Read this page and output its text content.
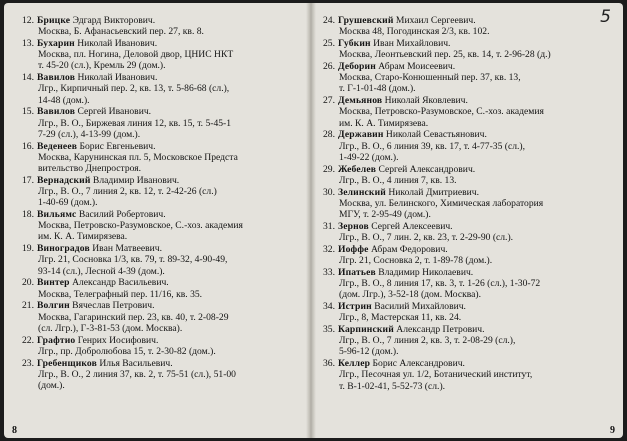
12. Брицке Эдгард Викторович.
Москва, Б. Афанасьевский пер. 27, кв. 8.
13. Бухарин Николай Иванович.
Москва, пл. Ногина, Деловой двор, ЦНИС НКТ
т. 45-20 (сл.), Кремль 29 (дом.).
14. Вавилов Николай Иванович.
Лгр., Кирпичный пер. 2, кв. 13, т. 5-86-68 (сл.),
14-48 (дом.).
15. Вавилов Сергей Иванович.
Лгр., В. О., Биржевая линия 12, кв. 15, т. 5-45-1
7-29 (сл.), 4-13-99 (дом.).
16. Веденеев Борис Евгеньевич.
Москва, Карунинская пл. 5, Московское Предста
вительство Днепростроя.
17. Вернадский Владимир Иванович.
Лгр., В. О., 7 линия 2, кв. 12, т. 2-42-26 (сл.)
1-40-69 (дом.).
18. Вильямс Василий Робертович.
Москва, Петровско-Разумовское, С.-хоз. академия
им. К. А. Тимирязева.
19. Виноградов Иван Матвеевич.
Лгр. 21, Сосновка 1/3, кв. 79, т. 89-32, 4-90-49,
93-14 (сл.), Лесной 4-39 (дом.).
20. Винтер Александр Васильевич.
Москва, Телеграфный пер. 11/16, кв. 35.
21. Волгин Вячеслав Петрович.
Москва, Гагаринский пер. 23, кв. 40, т. 2-08-29
(сл. Лгр.), Г-3-81-53 (дом. Москва).
22. Графтио Генрих Иосифович.
Лгр., пр. Добролюбова 15, т. 2-30-82 (дом.).
23. Гребенщиков Илья Васильевич.
Лгр., В. О., 2 линия 37, кв. 2, т. 75-51 (сл.), 51-00
(дом.).
24. Грушевский Михаил Сергеевич.
Москва 48, Погодинская 2/3, кв. 102.
25. Губкин Иван Михайлович.
Москва, Леонтьевский пер. 25, кв. 14, т. 2-96-28 (д.)
26. Деборин Абрам Моисеевич.
Москва, Старо-Конюшенный пер. 37, кв. 13,
т. Г-1-01-48 (дом.).
27. Демьянов Николай Яковлевич.
Москва, Петровско-Разумовское, С.-хоз. академия
им. К. А. Тимирязева.
28. Державин Николай Севастьянович.
Лгр., В. О., 6 линия 39, кв. 17, т. 4-77-35 (сл.),
1-49-22 (дом.).
29. Жебелев Сергей Александрович.
Лгр., В. О., 4 линия 7, кв. 13.
30. Зелинский Николай Дмитриевич.
Москва, ул. Белинского, Химическая лаборатория
МГУ, т. 2-95-49 (дом.).
31. Зернов Сергей Алексеевич.
Лгр., В. О., 7 лин. 2, кв. 23, т. 2-29-90 (сл.).
32. Иоффе Абрам Федорович.
Лгр. 21, Сосновка 2, т. 1-89-78 (дом.).
33. Ипатьев Владимир Николаевич.
Лгр., В. О., 8 линия 17, кв. 3, т. 1-26 (сл.), 1-30-72
(дом. Лгр.), 3-52-18 (дом. Москва).
34. Истрин Василий Михайлович.
Лгр., 8, Мастерская 11, кв. 24.
35. Карпинский Александр Петрович.
Лгр., В. О., 7 линия 2, кв. 3, т. 2-08-29 (сл.),
5-96-12 (дом.).
36. Келлер Борис Александрович.
Лгр., Песочная ул. 1/2, Ботанический институт,
т. В-1-02-41, 5-52-73 (сл.).
8	9
5
